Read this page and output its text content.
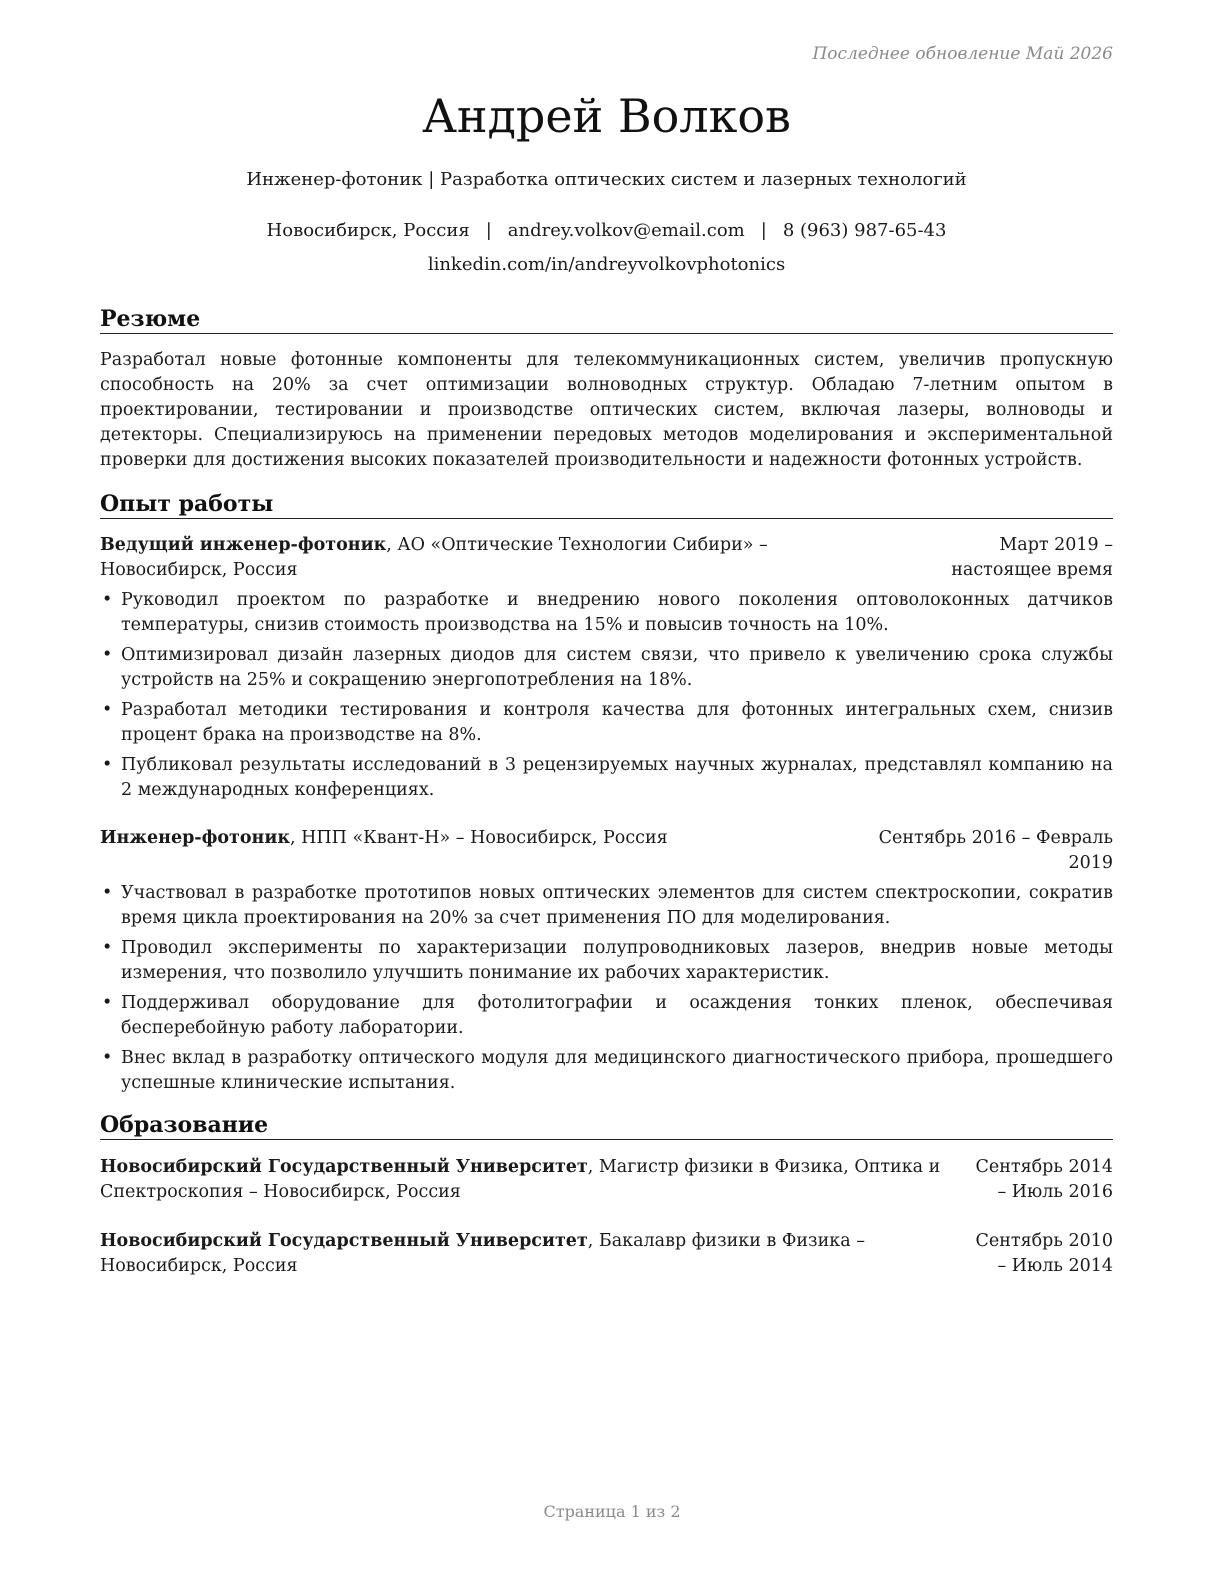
Последнее обновление Май 2026
Андрей Волков
Инженер-фотоник | Разработка оптических систем и лазерных технологий
Новосибирск, Россия | andrey.volkov@email.com | 8 (963) 987-65-43
linkedin.com/in/andreyvolkovphotonics
Резюме
Разработал новые фотонные компоненты для телекоммуникационных систем, увеличив пропускную способность на 20% за счет оптимизации волноводных структур. Обладаю 7-летним опытом в проектировании, тестировании и производстве оптических систем, включая лазеры, волноводы и детекторы. Специализируюсь на применении передовых методов моделирования и экспериментальной проверки для достижения высоких показателей производительности и надежности фотонных устройств.
Опыт работы
Ведущий инженер-фотоник, АО «Оптические Технологии Сибири» – Новосибирск, Россия
Март 2019 – настоящее время
• Руководил проектом по разработке и внедрению нового поколения оптоволоконных датчиков температуры, снизив стоимость производства на 15% и повысив точность на 10%.
• Оптимизировал дизайн лазерных диодов для систем связи, что привело к увеличению срока службы устройств на 25% и сокращению энергопотребления на 18%.
• Разработал методики тестирования и контроля качества для фотонных интегральных схем, снизив процент брака на производстве на 8%.
• Публиковал результаты исследований в 3 рецензируемых научных журналах, представлял компанию на 2 международных конференциях.
Инженер-фотоник, НПП «Квант-Н» – Новосибирск, Россия	Сентябрь 2016 – Февраль 2019
• Участвовал в разработке прототипов новых оптических элементов для систем спектроскопии, сократив время цикла проектирования на 20% за счет применения ПО для моделирования.
• Проводил эксперименты по характеризации полупроводниковых лазеров, внедрив новые методы измерения, что позволило улучшить понимание их рабочих характеристик.
• Поддерживал оборудование для фотолитографии и осаждения тонких пленок, обеспечивая бесперебойную работу лаборатории.
• Внес вклад в разработку оптического модуля для медицинского диагностического прибора, прошедшего успешные клинические испытания.
Образование
Новосибирский Государственный Университет, Магистр физики в Физика, Оптика и Спектроскопия – Новосибирск, Россия
Сентябрь 2014 – Июль 2016
Новосибирский Государственный Университет, Бакалавр физики в Физика – Новосибирск, Россия
Сентябрь 2010 – Июль 2014
Страница 1 из 2
